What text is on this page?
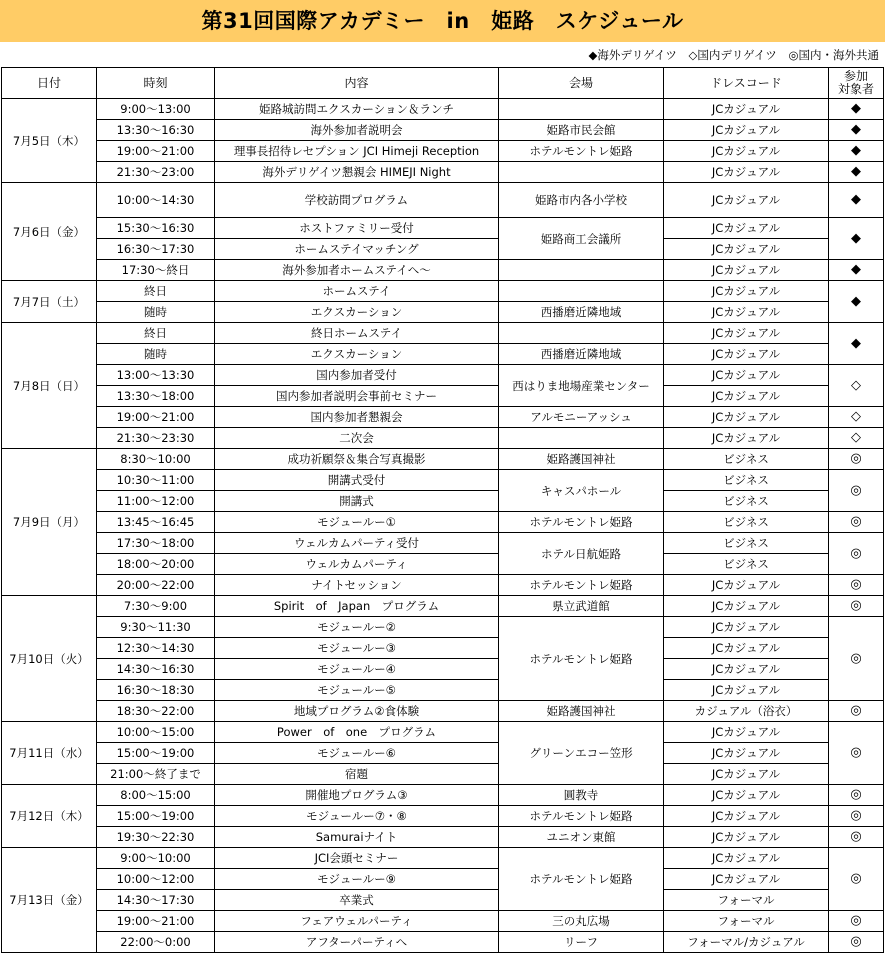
第31回国際アカデミー　in　姫路　スケジュール
◆海外デリゲイツ ◇国内デリゲイツ ◎国内・海外共通
日付	時刻	内容	会場	ドレスコード	参加
対象者
7月5日（木）	9:00～13:00	姫路城訪問エクスカーション＆ランチ		JCカジュアル	◆
	13:30～16:30	海外参加者説明会	姫路市民会館	JCカジュアル	◆
	19:00～21:00	理事長招待レセプション JCI Himeji Reception	ホテルモントレ姫路	JCカジュアル	◆
	21:30～23:00	海外デリゲイツ懇親会 HIMEJI Night		JCカジュアル	◆
7月6日（金）	10:00～14:30	学校訪問プログラム	姫路市内各小学校	JCカジュアル	◆
	15:30～16:30	ホストファミリー受付	姫路商工会議所	JCカジュアル	◆
	16:30～17:30	ホームステイマッチング		JCカジュアル	
	17:30～終日	海外参加者ホームステイへ～		JCカジュアル	◆
7月7日（土）	終日	ホームステイ		JCカジュアル	◆
	随時	エクスカーション	西播磨近隣地域	JCカジュアル	
7月8日（日）	終日	終日ホームステイ		JCカジュアル	◆
	随時	エクスカーション	西播磨近隣地域	JCカジュアル	
	13:00～13:30	国内参加者受付	西はりま地場産業センター	JCカジュアル	◇
	13:30～18:00	国内参加者説明会事前セミナー		JCカジュアル	
	19:00～21:00	国内参加者懇親会	アルモニーアッシュ	JCカジュアル	◇
	21:30～23:30	二次会		JCカジュアル	◇
7月9日（月）	8:30～10:00	成功祈願祭＆集合写真撮影	姫路護国神社	ビジネス	◎
	10:30～11:00	開講式受付	キャスパホール	ビジネス	◎
	11:00～12:00	開講式		ビジネス	
	13:45～16:45	モジュールー①	ホテルモントレ姫路	ビジネス	◎
	17:30～18:00	ウェルカムパーティ受付	ホテル日航姫路	ビジネス	◎
	18:00～20:00	ウェルカムパーティ		ビジネス	
	20:00～22:00	ナイトセッション	ホテルモントレ姫路	JCカジュアル	◎
7月10日（火）	7:30～9:00	Spirit　of　Japan　プログラム	県立武道館	JCカジュアル	◎
	9:30～11:30	モジュールー②	ホテルモントレ姫路	JCカジュアル	◎
	12:30～14:30	モジュールー③		JCカジュアル	
	14:30～16:30	モジュールー④		JCカジュアル	
	16:30～18:30	モジュールー⑤		JCカジュアル	
	18:30～22:00	地域プログラム②食体験	姫路護国神社	カジュアル（浴衣）	◎
7月11日（水）	10:00～15:00	Power　of　one　プログラム	グリーンエコー笠形	JCカジュアル	◎
	15:00～19:00	モジュールー⑥		JCカジュアル	
	21:00～終了まで	宿題		JCカジュアル	
7月12日（木）	8:00～15:00	開催地プログラム③	圓教寺	JCカジュアル	◎
	15:00～19:00	モジュールー⑦・⑧	ホテルモントレ姫路	JCカジュアル	◎
	19:30～22:30	Samuraiナイト	ユニオン東館	JCカジュアル	◎
7月13日（金）	9:00～10:00	JCI会頭セミナー	ホテルモントレ姫路	JCカジュアル	◎
	10:00～12:00	モジュールー⑨		JCカジュアル	
	14:30～17:30	卒業式		フォーマル	
	19:00～21:00	フェアウェルパーティ	三の丸広場	フォーマル	◎
	22:00～0:00	アフターパーティへ	リーフ	フォーマル/カジュアル	◎
